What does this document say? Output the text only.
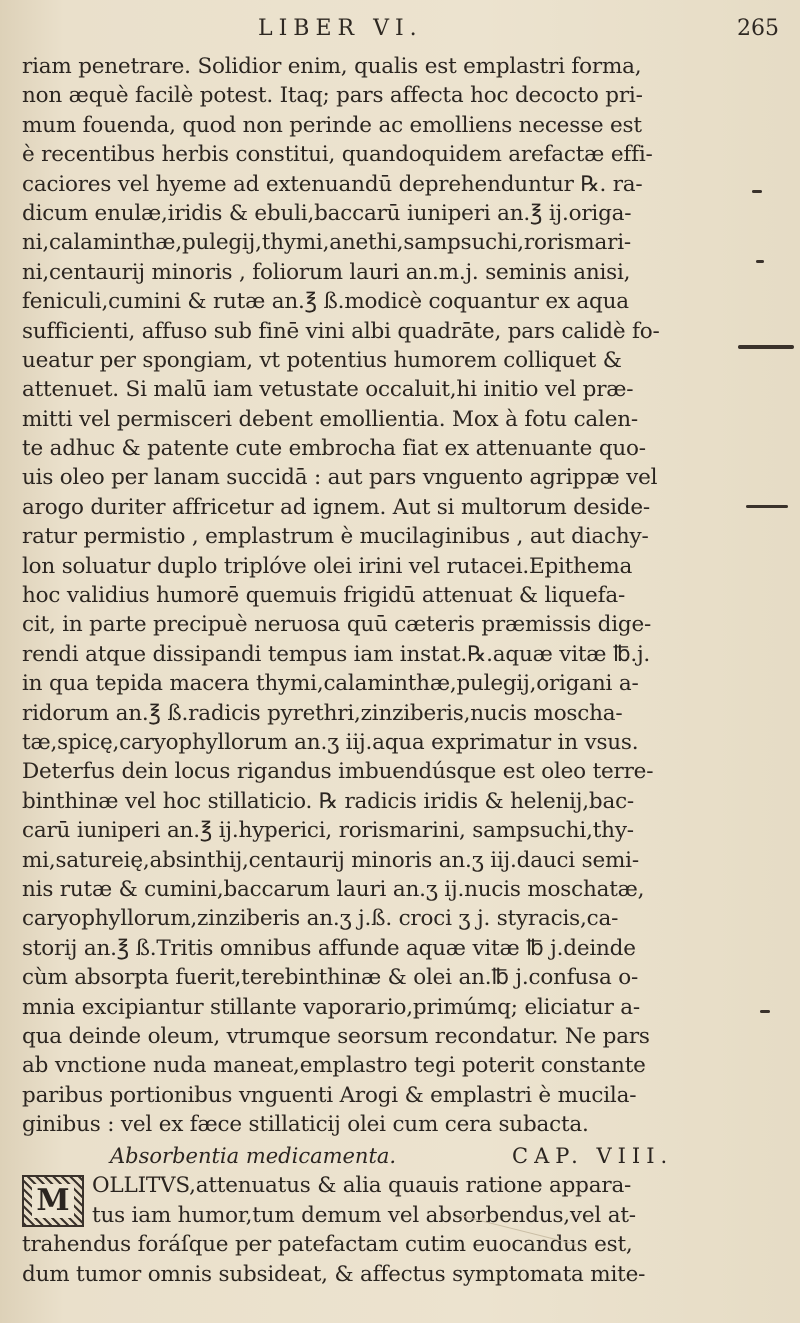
LIBER VI.	265
riam penetrare. Solidior enim, qualis est emplastri forma,
non æquè facilè potest. Itaq; pars affecta hoc decocto pri-
mum fouenda, quod non perinde ac emolliens necesse est
è recentibus herbis constitui, quandoquidem arefactæ effi-
caciores vel hyeme ad extenuandū deprehenduntur ℞. ra-
dicum enulæ,iridis & ebuli,baccarū iuniperi an.℥ ij.origa-
ni,calaminthæ,pulegij,thymi,anethi,sampsuchi,rorismari-
ni,centaurij minoris , foliorum lauri an.m.j. seminis anisi,
feniculi,cumini & rutæ an.℥ ß.modicè coquantur ex aqua
sufficienti, affuso sub finē vini albi quadrāte, pars calidè fo-
ueatur per spongiam, vt potentius humorem colliquet &
attenuet. Si malū iam vetustate occaluit,hi initio vel præ-
mitti vel permisceri debent emollientia. Mox à fotu calen-
te adhuc & patente cute embrocha fiat ex attenuante quo-
uis oleo per lanam succidā : aut pars vnguento agrippæ vel
arogo duriter affricetur ad ignem. Aut si multorum deside-
ratur permistio , emplastrum è mucilaginibus , aut diachy-
lon soluatur duplo triplóve olei irini vel rutacei.Epithema
hoc validius humorē quemuis frigidū attenuat & liquefa-
cit, in parte precipuè neruosa quū cæteris præmissis dige-
rendi atque dissipandi tempus iam instat.℞.aquæ vitæ ℔.j.
in qua tepida macera thymi,calaminthæ,pulegij,origani a-
ridorum an.℥ ß.radicis pyrethri,zinziberis,nucis moscha-
tæ,spicę,caryophyllorum an.ʒ iij.aqua exprimatur in vsus.
Deterfus dein locus rigandus imbuendúsque est oleo terre-
binthinæ vel hoc stillaticio. ℞ radicis iridis & helenij,bac-
carū iuniperi an.℥ ij.hyperici, rorismarini, sampsuchi,thy-
mi,satureię,absinthij,centaurij minoris an.ʒ iij.dauci semi-
nis rutæ & cumini,baccarum lauri an.ʒ ij.nucis moschatæ,
caryophyllorum,zinziberis an.ʒ j.ß. croci ʒ j. styracis,ca-
storij an.℥ ß.Tritis omnibus affunde aquæ vitæ ℔ j.deinde
cùm absorpta fuerit,terebinthinæ & olei an.℔ j.confusa o-
mnia excipiantur stillante vaporario,primúmq; eliciatur a-
qua deinde oleum, vtrumque seorsum recondatur. Ne pars
ab vnctione nuda maneat,emplastro tegi poterit constante
paribus portionibus vnguenti Arogi & emplastri è mucila-
ginibus : vel ex fæce stillaticij olei cum cera subacta.
Absorbentia medicamenta.	CAP. VIII.
M	OLLITVS,attenuatus & alia quauis ratione appara-
tus iam humor,tum demum vel absorbendus,vel at-
trahendus foráſque per patefactam cutim euocandus est,
dum tumor omnis subsideat, & affectus symptomata mite-
